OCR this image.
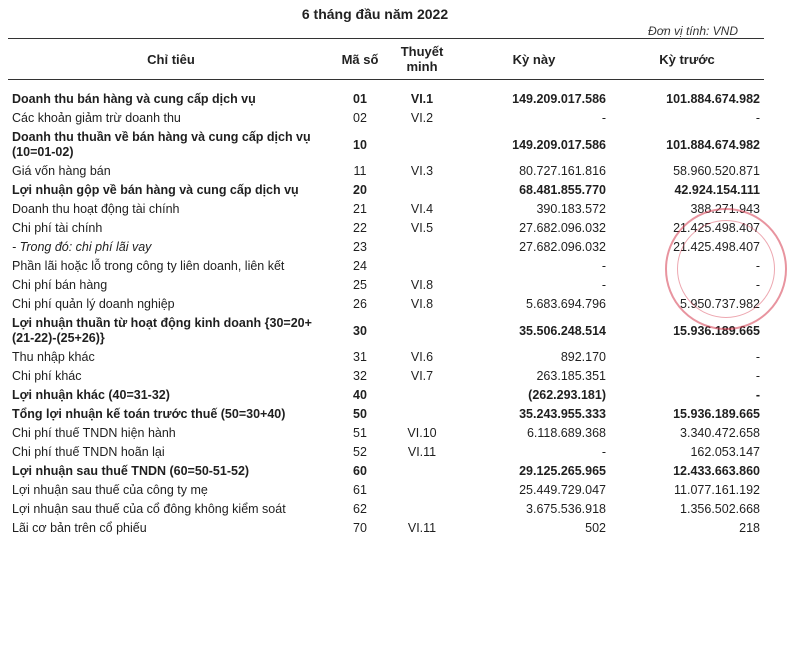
6 tháng đầu năm 2022
Đơn vị tính: VND
Chỉ tiêu	Mã số	Thuyết minh	Kỳ này	Kỳ trước

Doanh thu bán hàng và cung cấp dịch vụ	01	VI.1	149.209.017.586	101.884.674.982
Các khoản giảm trừ doanh thu	02	VI.2	-	-
Doanh thu thuần về bán hàng và cung cấp dịch vụ (10=01-02)	10		149.209.017.586	101.884.674.982
Giá vốn hàng bán	11	VI.3	80.727.161.816	58.960.520.871
Lợi nhuận gộp về bán hàng và cung cấp dịch vụ	20		68.481.855.770	42.924.154.111
Doanh thu hoạt động tài chính	21	VI.4	390.183.572	388.271.943
Chi phí tài chính	22	VI.5	27.682.096.032	21.425.498.407
- Trong đó: chi phí lãi vay	23		27.682.096.032	21.425.498.407
Phần lãi hoặc lỗ trong công ty liên doanh, liên kết	24		-	-
Chi phí bán hàng	25	VI.8	-	-
Chi phí quản lý doanh nghiệp	26	VI.8	5.683.694.796	5.950.737.982
Lợi nhuận thuần từ hoạt động kinh doanh {30=20+(21-22)-(25+26)}	30		35.506.248.514	15.936.189.665
Thu nhập khác	31	VI.6	892.170	-
Chi phí khác	32	VI.7	263.185.351	-
Lợi nhuận khác (40=31-32)	40		(262.293.181)	-
Tổng lợi nhuận kế toán trước thuế (50=30+40)	50		35.243.955.333	15.936.189.665
Chi phí thuế TNDN hiện hành	51	VI.10	6.118.689.368	3.340.472.658
Chi phí thuế TNDN hoãn lại	52	VI.11	-	162.053.147
Lợi nhuận sau thuế TNDN (60=50-51-52)	60		29.125.265.965	12.433.663.860
Lợi nhuận sau thuế của công ty mẹ	61		25.449.729.047	11.077.161.192
Lợi nhuận sau thuế của cổ đông không kiểm soát	62		3.675.536.918	1.356.502.668
Lãi cơ bản trên cổ phiếu	70	VI.11	502	218
